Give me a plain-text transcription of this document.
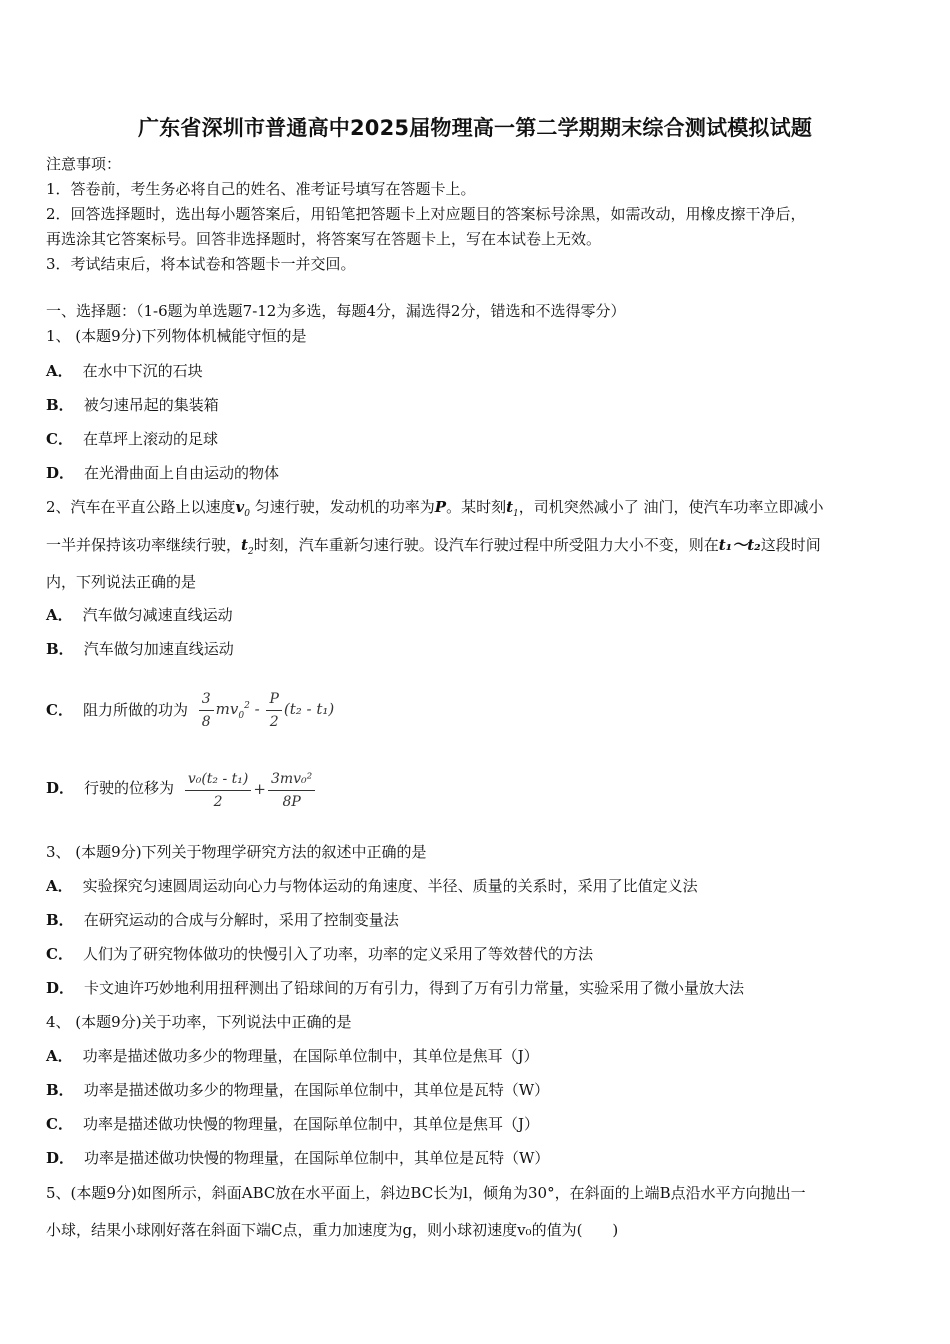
广东省深圳市普通高中2025届物理高一第二学期期末综合测试模拟试题
注意事项：
1．答卷前，考生务必将自己的姓名、准考证号填写在答题卡上。
2．回答选择题时，选出每小题答案后，用铅笔把答题卡上对应题目的答案标号涂黑，如需改动，用橡皮擦干净后，
再选涂其它答案标号。回答非选择题时，将答案写在答题卡上，写在本试卷上无效。
3．考试结束后，将本试卷和答题卡一并交回。
一、选择题：（1-6题为单选题7-12为多选，每题4分，漏选得2分，错选和不选得零分）
1、 (本题9分)下列物体机械能守恒的是
A． 在水中下沉的石块
B． 被匀速吊起的集装箱
C． 在草坪上滚动的足球
D． 在光滑曲面上自由运动的物体
2、汽车在平直公路上以速度$v_0$ 匀速行驶，发动机的功率为P。某时刻$t_1$，司机突然减小了 油门，使汽车功率立即减小
一半并保持该功率继续行驶，$t_2$时刻，汽车重新匀速行驶。设汽车行驶过程中所受阻力大小不变，则在t₁～t₂这段时间
内，下列说法正确的是
A． 汽车做匀减速直线运动
B． 汽车做匀加速直线运动
C． 阻力所做的功为 $\frac{3}{8} mv_0^2 - \frac{P}{2} (t_2 - t_1)$
D． 行驶的位移为 $\frac{\text{v₀(t₂ - t₁)}}{2} + \frac{\text{3mv₀²}}{8P}$
3、 (本题9分)下列关于物理学研究方法的叙述中正确的是
A． 实验探究匀速圆周运动向心力与物体运动的角速度、半径、质量的关系时，采用了比值定义法
B． 在研究运动的合成与分解时，采用了控制变量法
C． 人们为了研究物体做功的快慢引入了功率，功率的定义采用了等效替代的方法
D． 卡文迪许巧妙地利用扭秤测出了铅球间的万有引力，得到了万有引力常量，实验采用了微小量放大法
4、 (本题9分)关于功率，下列说法中正确的是
A． 功率是描述做功多少的物理量，在国际单位制中，其单位是焦耳（J）
B． 功率是描述做功多少的物理量，在国际单位制中，其单位是瓦特（W）
C． 功率是描述做功快慢的物理量，在国际单位制中，其单位是焦耳（J）
D． 功率是描述做功快慢的物理量，在国际单位制中，其单位是瓦特（W）
5、(本题9分)如图所示，斜面ABC放在水平面上，斜边BC长为l，倾角为30°，在斜面的上端B点沿水平方向抛出一
小球，结果小球刚好落在斜面下端C点，重力加速度为g，则小球初速度v₀的值为(　　)
